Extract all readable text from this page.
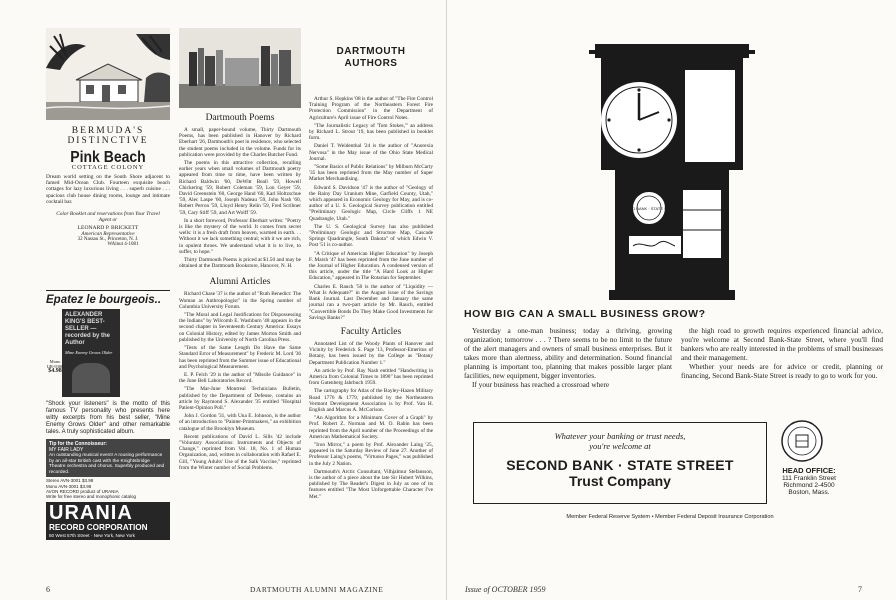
BERMUDA'S
DISTINCTIVE
Pink Beach
COTTAGE COLONY

Dream world setting on the South Shore adjacent to famed Mid-Ocean Club. Fourteen exquisite beach cottages for lazy luxurious living . . . superb cuisine . . . spacious club house dining rooms, lounge and intimate cocktail bar.

Color Booklet and reservations from Your Travel Agent or
LEONARD P. BRICKETT
American Representative
32 Nassau St., Princeton, N. J.
WAlnut 4-1081
Epatez le bourgeois..
ALEXANDER KING'S BEST-SELLER — recorded by the Author
Mine Enemy Grows Older
Mono
UR-9300
$4.98

"Shock your listeners" is the motto of this famous TV personality who presents here witty excerpts from his best seller, "Mine Enemy Grows Older" and other remarkable tales. A truly sophisticated album.

Tip for the Connoisseur:
MY FAIR LADY
An outstanding musical event! A rousing performance by an all-star British cast with the Knightsbridge Theatre orchestra and chorus. Superbly produced and recorded.
Stereo AVN-3001 $3.98
Mono AVN-3001 $3.98
AVON RECORD product of URANIA
Write for free stereo and monophonic catalog
URANIA
RECORD CORPORATION
50 West 57th Street · New York, New York
Dartmouth Poems

A small, paper-bound volume, Thirty Dartmouth Poems, has been published in Hanover by Richard Eberhart '26, Dartmouth's poet in residence, who selected the student poems included in the volume. Funds for its publication were provided by the Charles Butcher Fund.

The poems in this attractive collection, recalling earlier years when small volumes of Dartmouth poetry appeared from time to time, have been written by Richard Baldwin '60, DeWitt Beall '59, Howell Chickering '59, Robert Coleman '59, Lon Geyer '59, David Greenstein '60, George Hand '60, Karl Holtzschue '59, Alec Laspe '60, Joseph Nadeau '59, John Nash '60, Robert Perron '59, Lloyd Henry Relin '59, Fred Scribner '59, Cary Stiff '59, and Art Wolff '59.

In a short foreword, Professor Eberhart writes: "Poetry is like the mystery of the world. It comes from secret wells: it is a fresh draft from heaven, warmed in earth. . . Without it we lack something central; with it we are rich, in opulent throes. We understand what it is to live, to suffer, to hope."

Thirty Dartmouth Poems is priced at $1.50 and may be obtained at the Dartmouth Bookstore, Hanover, N. H.

Alumni Articles

Richard Chase '37 is the author of "Ruth Benedict: The Woman as Anthropologist" in the Spring number of Columbia University Forum.

"The Moral and Legal Justifications for Dispossessing the Indians" by Wilcomb E. Washburn '48 appears in the second chapter in Seventeenth Century America: Essays on Colonial History, edited by James Morton Smith and published by the University of North Carolina Press.

"Tests of the Same Length Do Have the Same Standard Error of Measurement" by Frederic M. Lord '36 has been reprinted from the Summer issue of Educational and Psychological Measurement.

E. P. Felch '29 is the author of "Missile Guidance" in the June Bell Laboratories Record.

"The Mar-June Montreal Technicians Bulletin, published by the Department of Defense, contains an article by Raymond S. Alexander '35 entitled "Hospital Patient-Opinion Poll."

John J. Gordon '31, with Una E. Johnson, is the author of an introduction to "Painter-Printmakers," an exhibition catalogue of the Brooklyn Museum.

Recent publications of David L. Sills '42 include "Voluntary Associations: Instruments and Objects of Change," reprinted from Vol. 18, No. 1 of Human Organization, and, written in collaboration with Rafael E. Gill, "Young Adults' Use of the Salk Vaccine," reprinted from the Winter number of Social Problems.

DARTMOUTH
AUTHORS

Arthur S. Hopkins '08 is the author of "The Fire Control Training Program of the Northeastern Forest Fire Protection Commission" in the Department of Agriculture's April issue of Fire Control Notes.

"The Journalistic Legacy of 'Tom Stokes,'" an address by Richard L. Strout '19, has been published in booklet form.

Daniel T. Weidenthal '24 is the author of "Anorexia Nervosa" in the May issue of the Ohio State Medical Journal.

"Some Basics of Public Relations" by Milburn McCarty '35 has been reprinted from the May number of Super Market Merchandising.

Edward S. Davidson '47 is the author of "Geology of the Rainy Day Uranium Mine, Garfield County, Utah," which appeared in Economic Geology for May, and is co-author of a U. S. Geological Survey publication entitled "Preliminary Geologic Map, Circle Cliffs 1 NE Quadrangle, Utah."

The U. S. Geological Survey has also published "Preliminary Geologic and Structure Map, Cascade Springs Quadrangle, South Dakota" of which Edwin V. Post '51 is co-author.

"A Critique of American Higher Education" by Joseph F. Marsh '47 has been reprinted from the June number of the Journal of Higher Education. A condensed version of this article, under the title "A Hard Look at Higher Education," appeared in The Rotarian for September.

Charles E. Rauch '50 is the author of "Liquidity — What Is Adequate?" in the August issue of the Savings Bank Journal. Last December and January the same journal ran a two-part article by Mr. Rauch, entitled "Convertible Bonds Do They Make Good Investments for Savings Banks?"

Faculty Articles

Annotated List of the Woody Plants of Hanover and Vicinity by Frederick S. Page '13, Professor-Emeritus of Botany, has been issued by the College as "Botany Department Publication Number 1."

An article by Prof. Ray Nash entitled "Handwriting in America from Colonial Times to 1890" has been reprinted from Gutenberg Jahrbuch 1959.

The cartography for Atlas of the Bayley-Hazen Military Road 1776 & 1779, published by the Northeastern Vermont Development Association is by Prof. Van H. English and Marcus A. McCorison.

"An Algorithm for a Minimum Cover of a Graph" by Prof. Robert Z. Norman and M. O. Rabin has been reprinted from the April number of the Proceedings of the American Mathematical Society.

"Iron Mirror," a poem by Prof. Alexander Laing '25, appeared in the Saturday Review of June 27. Another of Professor Laing's poems, "Virtuoso Pages," was published in the July 2 Nation.

Dartmouth's Arctic Consultant, Vilhjalmur Stefansson, is the author of a piece about the late Sir Hubert Wilkins, published by The Reader's Digest in July as one of its features entitled "The Most Unforgettable Character I've Met."

6	DARTMOUTH ALUMNI MAGAZINE
SECOND BANK · STATE STREET
HOW BIG CAN A SMALL BUSINESS GROW?

Yesterday a one-man business; today a thriving, growing organization; tomorrow . . . ? There seems to be no limit to the future of the alert managers and owners of small business enterprises. But it takes more than alertness, ability and determination. Sound financial planning is important too, planning that makes possible larger plant facilities, new equipment, bigger inventories.

If your business has reached a crossroad where

the high road to growth requires experienced financial advice, you're welcome at Second Bank-State Street, where you'll find bankers who are really interested in the problems of small businesses and their management.

Whether your needs are for advice or credit, planning or financing, Second Bank-State Street is ready to go to work for you.

Whatever your banking or trust needs,
you're welcome at
SECOND BANK · STATE STREET
Trust Company
HEAD OFFICE:
111 Franklin Street
Richmond 2-4500
Boston, Mass.
Member Federal Reserve System • Member Federal Deposit Insurance Corporation
Issue of OCTOBER 1959	7
